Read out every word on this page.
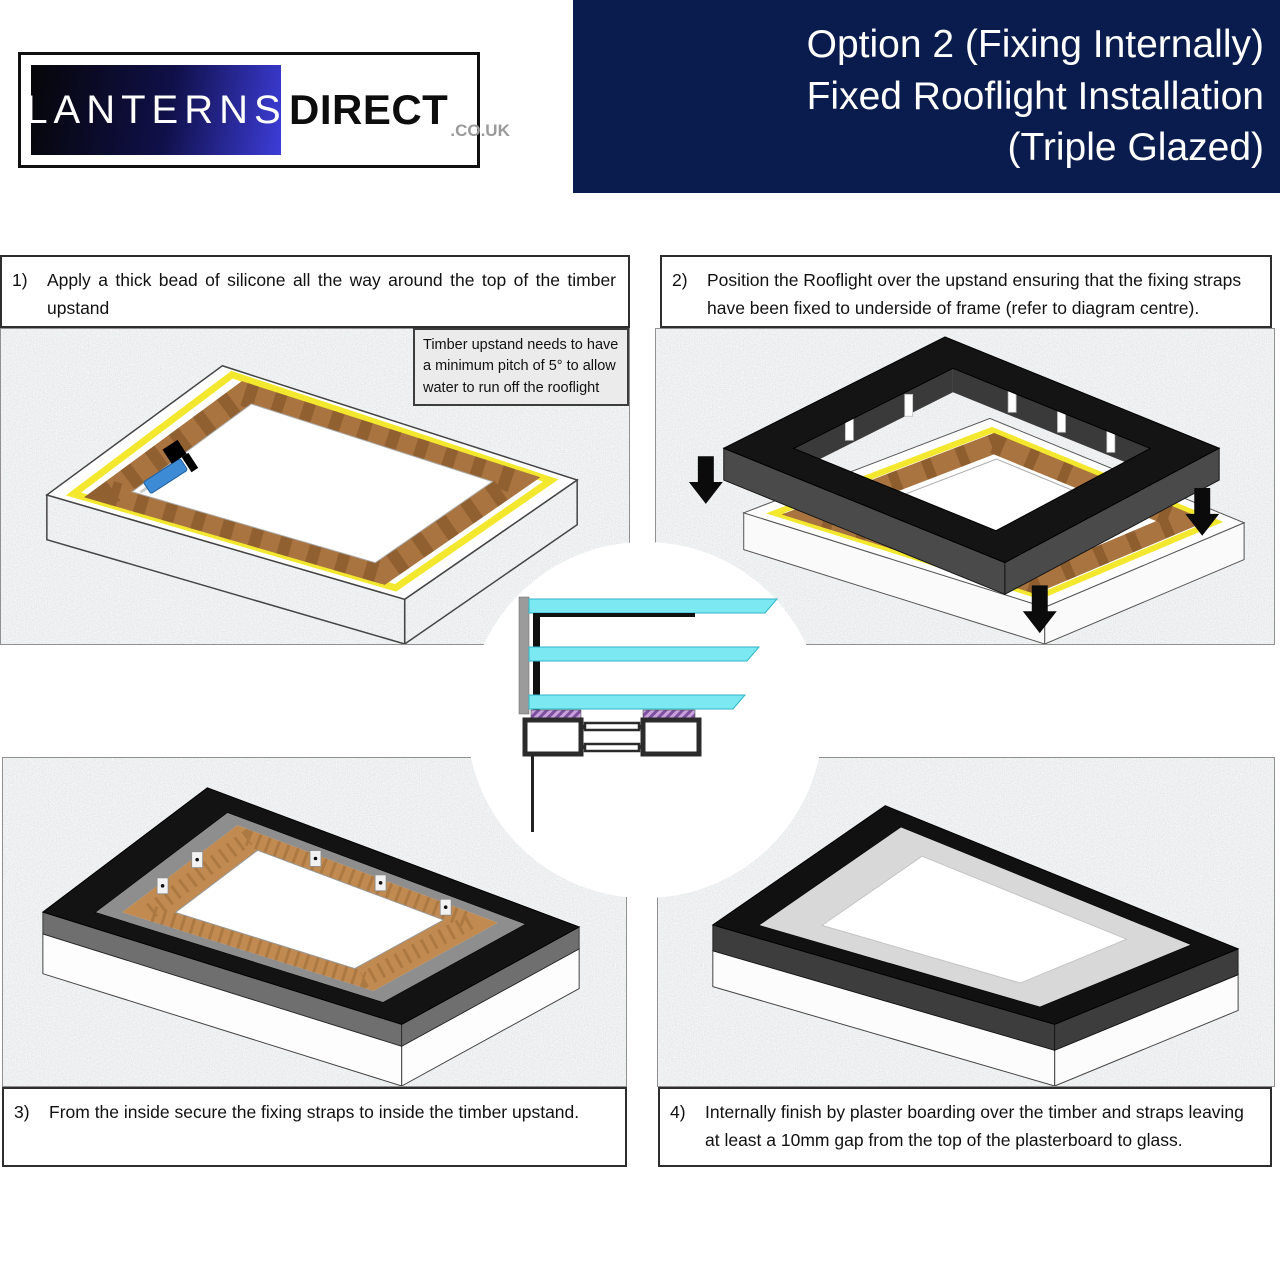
LANTERNS DIRECT .CO.UK
Option 2 (Fixing Internally)
Fixed Rooflight Installation
(Triple Glazed)
1)	Apply a thick bead of silicone all the way around the top of the timber upstand
2)	Position the Rooflight over the upstand ensuring that the fixing straps have been fixed to underside of frame (refer to diagram centre).
3)	From the inside secure the fixing straps to inside the timber upstand.	4)	Internally finish by plaster boarding over the timber and straps leaving at least a 10mm gap from the top of the plasterboard to glass.
Timber upstand needs to have a minimum pitch of 5° to allow water to run off the rooflight
